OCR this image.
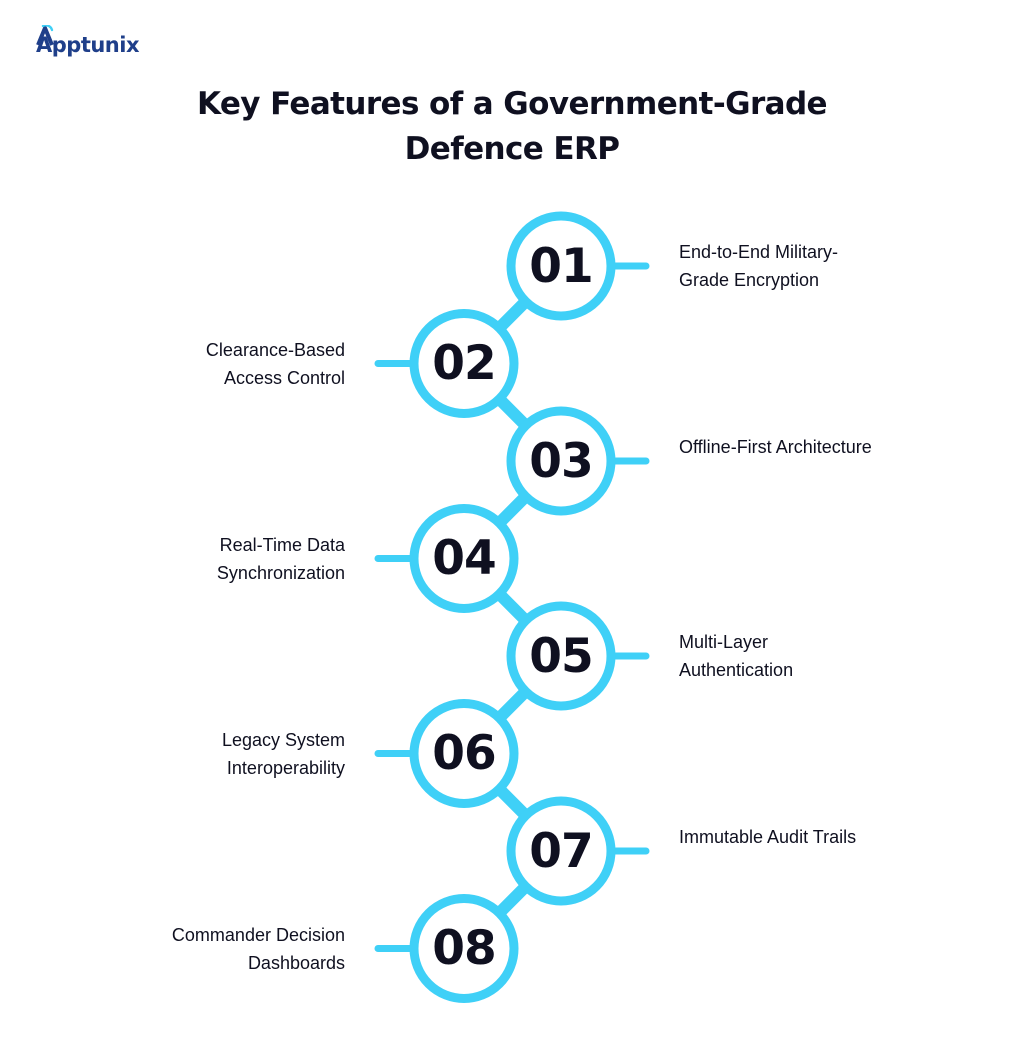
Apptunix
Key Features of a Government-Grade
Defence ERP
01	End-to-End Military-Grade Encryption
02
Clearance-Based Access Control
03	Offline-First Architecture
04
Real-Time Data Synchronization
05	Multi-Layer Authentication
06
Legacy System Interoperability
07	Immutable Audit Trails
08
Commander Decision Dashboards
